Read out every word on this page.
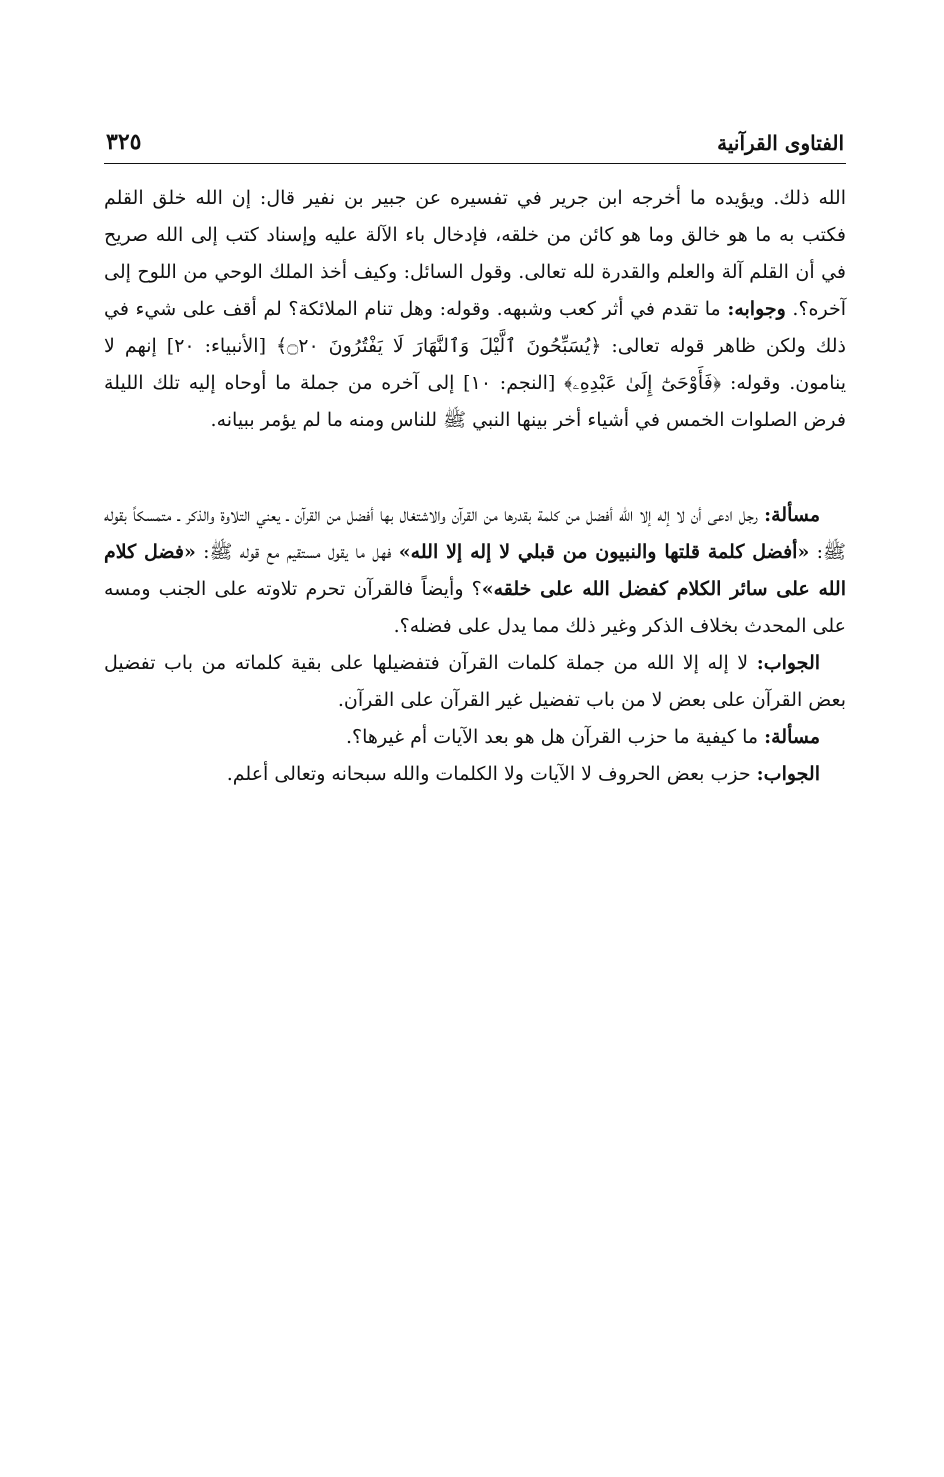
الفتاوى القرآنية
٣٢٥

الله ذلك. ويؤيده ما أخرجه ابن جرير في تفسيره عن جبير بن نفير قال: إن الله خلق القلم فكتب به ما هو خالق وما هو كائن من خلقه، فإدخال باء الآلة عليه وإسناد كتب إلى الله صريح في أن القلم آلة والعلم والقدرة لله تعالى. وقول السائل: وكيف أخذ الملك الوحي من اللوح إلى آخره؟. وجوابه: ما تقدم في أثر كعب وشبهه. وقوله: وهل تنام الملائكة؟ لم أقف على شيء في ذلك ولكن ظاهر قوله تعالى: ﴿يُسَبِّحُونَ ٱلَّيْلَ وَٱلنَّهَارَ لَا يَفْتُرُونَ ۝٢٠﴾ [الأنبياء: ٢٠] إنهم لا ينامون. وقوله: ﴿فَأَوْحَىٰٓ إِلَىٰ عَبْدِهِۦ﴾ [النجم: ١٠] إلى آخره من جملة ما أوحاه إليه تلك الليلة فرض الصلوات الخمس في أشياء أخر بينها النبي ﷺ للناس ومنه ما لم يؤمر ببيانه.

مسألة: رجل ادعى أن لا إله إلا الله أفضل من كلمة بقدرها من القرآن والاشتغال بها أفضل من القرآن ـ يعني التلاوة والذكر ـ متمسكاً بقوله ﷺ: «أفضل كلمة قلتها والنبيون من قبلي لا إله إلا الله» فهل ما يقول مستقيم مع قوله ﷺ: «فضل كلام الله على سائر الكلام كفضل الله على خلقه»؟ وأيضاً فالقرآن تحرم تلاوته على الجنب ومسه على المحدث بخلاف الذكر وغير ذلك مما يدل على فضله؟.

الجواب: لا إله إلا الله من جملة كلمات القرآن فتفضيلها على بقية كلماته من باب تفضيل بعض القرآن على بعض لا من باب تفضيل غير القرآن على القرآن.

مسألة: ما كيفية ما حزب القرآن هل هو بعد الآيات أم غيرها؟.

الجواب: حزب بعض الحروف لا الآيات ولا الكلمات والله سبحانه وتعالى أعلم.
